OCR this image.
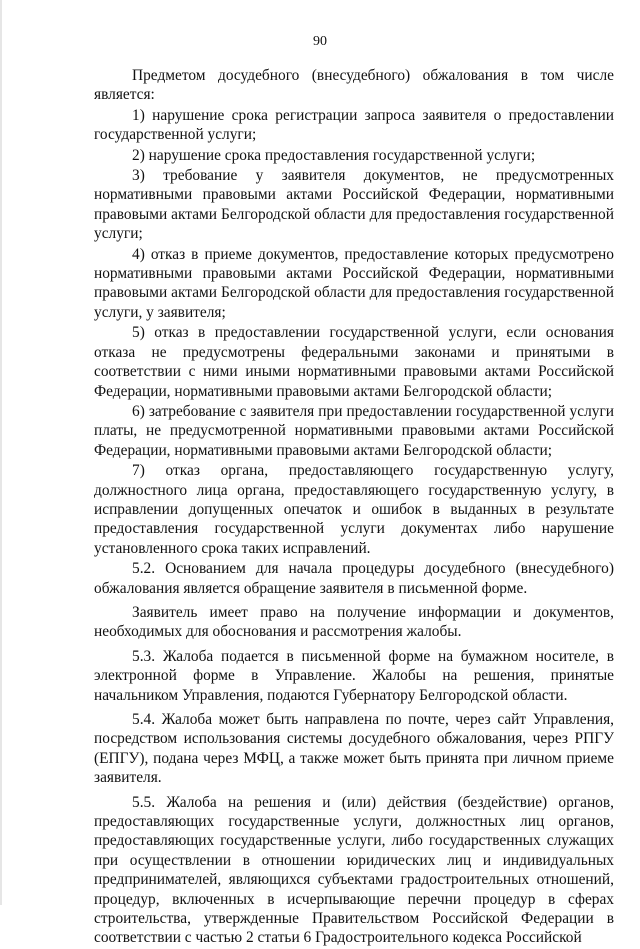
90

Предметом досудебного (внесудебного) обжалования в том числе является:

1) нарушение срока регистрации запроса заявителя о предоставлении государственной услуги;

2) нарушение срока предоставления государственной услуги;

3) требование у заявителя документов, не предусмотренных нормативными правовыми актами Российской Федерации, нормативными правовыми актами Белгородской области для предоставления государственной услуги;

4) отказ в приеме документов, предоставление которых предусмотрено нормативными правовыми актами Российской Федерации, нормативными правовыми актами Белгородской области для предоставления государственной услуги, у заявителя;

5) отказ в предоставлении государственной услуги, если основания отказа не предусмотрены федеральными законами и принятыми в соответствии с ними иными нормативными правовыми актами Российской Федерации, нормативными правовыми актами Белгородской области;

6) затребование с заявителя при предоставлении государственной услуги платы, не предусмотренной нормативными правовыми актами Российской Федерации, нормативными правовыми актами Белгородской области;

7) отказ органа, предоставляющего государственную услугу, должностного лица органа, предоставляющего государственную услугу, в исправлении допущенных опечаток и ошибок в выданных в результате предоставления государственной услуги документах либо нарушение установленного срока таких исправлений.

5.2. Основанием для начала процедуры досудебного (внесудебного) обжалования является обращение заявителя в письменной форме.

Заявитель имеет право на получение информации и документов, необходимых для обоснования и рассмотрения жалобы.

5.3. Жалоба подается в письменной форме на бумажном носителе, в электронной форме в Управление. Жалобы на решения, принятые начальником Управления, подаются Губернатору Белгородской области.

5.4. Жалоба может быть направлена по почте, через сайт Управления, посредством использования системы досудебного обжалования, через РПГУ (ЕПГУ), подана через МФЦ, а также может быть принята при личном приеме заявителя.

5.5. Жалоба на решения и (или) действия (бездействие) органов, предоставляющих государственные услуги, должностных лиц органов, предоставляющих государственные услуги, либо государственных служащих при осуществлении в отношении юридических лиц и индивидуальных предпринимателей, являющихся субъектами градостроительных отношений, процедур, включенных в исчерпывающие перечни процедур в сферах строительства, утвержденные Правительством Российской Федерации в соответствии с частью 2 статьи 6 Градостроительного кодекса Российской
